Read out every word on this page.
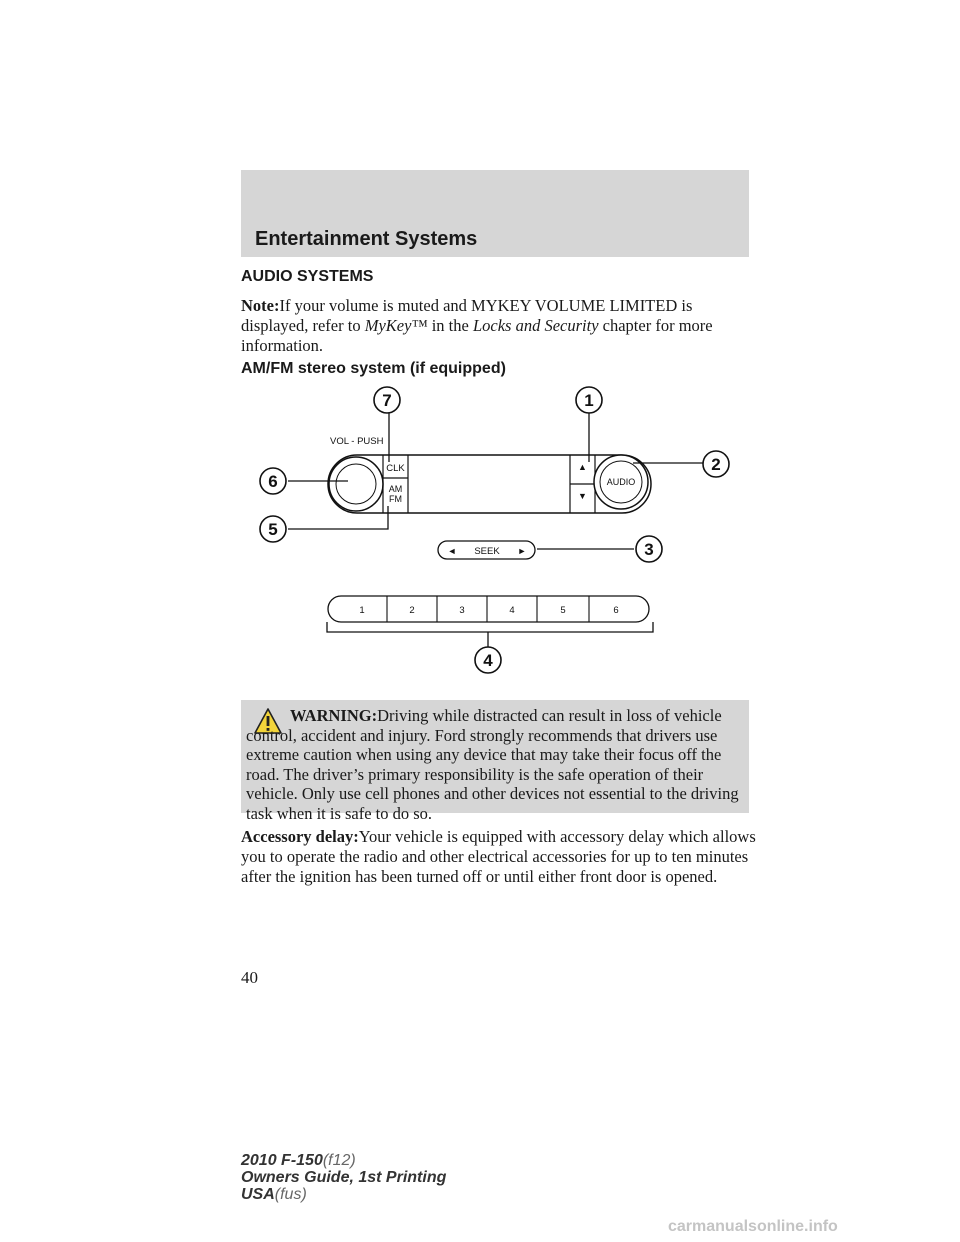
Entertainment Systems
AUDIO SYSTEMS
Note:If your volume is muted and MYKEY VOLUME LIMITED is displayed, refer to MyKey™ in the Locks and Security chapter for more information.
AM/FM stereo system (if equipped)
CLK
AM
FM
▲
▼
AUDIO
VOL - PUSH
◄ SEEK ►
1	2	3	4	5	6
7	1
2
6
5
3
4
WARNING:Driving while distracted can result in loss of vehicle control, accident and injury. Ford strongly recommends that drivers use extreme caution when using any device that may take their focus off the road. The driver’s primary responsibility is the safe operation of their vehicle. Only use cell phones and other devices not essential to the driving task when it is safe to do so.
Accessory delay:Your vehicle is equipped with accessory delay which allows you to operate the radio and other electrical accessories for up to ten minutes after the ignition has been turned off or until either front door is opened.
40
2010 F-150(f12)
Owners Guide, 1st Printing
USA(fus)
carmanualsonline.info
